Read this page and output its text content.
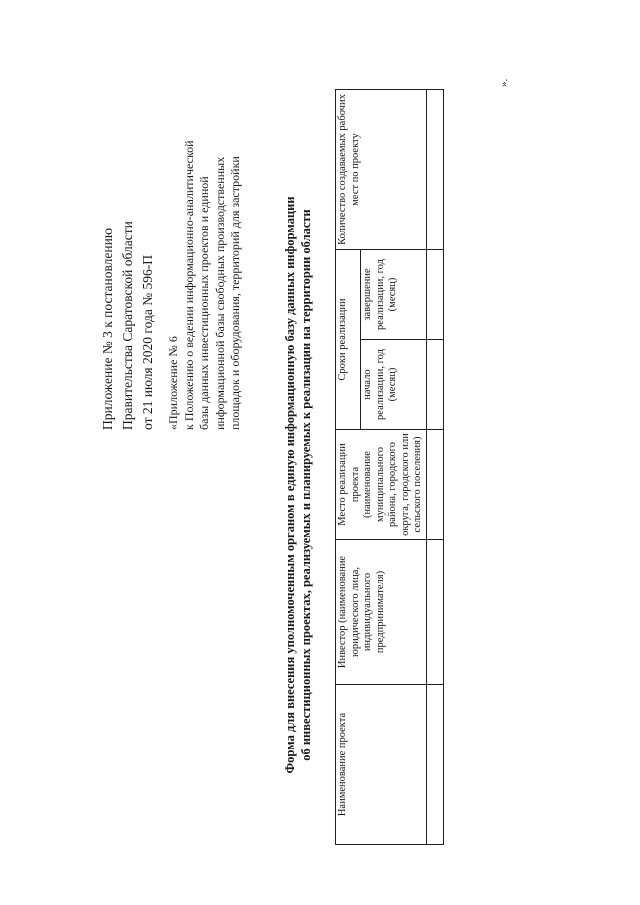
Приложение № 3 к постановлению Правительства Саратовской области от 21 июля 2020 года № 596-П «Приложение № 6 к Положению о ведении информационно-аналитической базы данных инвестиционных проектов и единой информационной базы свободных производственных площадок и оборудования, территорий для застройки	Форма для внесения уполномоченным органом в единую информационную базу данных информации об инвестиционных проектах, реализуемых и планируемых к реализации на территории области
Наименование проекта	Инвестор (наименование юридического лица, индивидуального предпринимателя)	Место реализации проекта (наименование муниципального района, городского округа, городского или сельского поселения)	Сроки реализации		Количество создаваемых рабочих мест по проекту
			начало реализации, год (месяц)	завершение реализации, год (месяц)	

».
